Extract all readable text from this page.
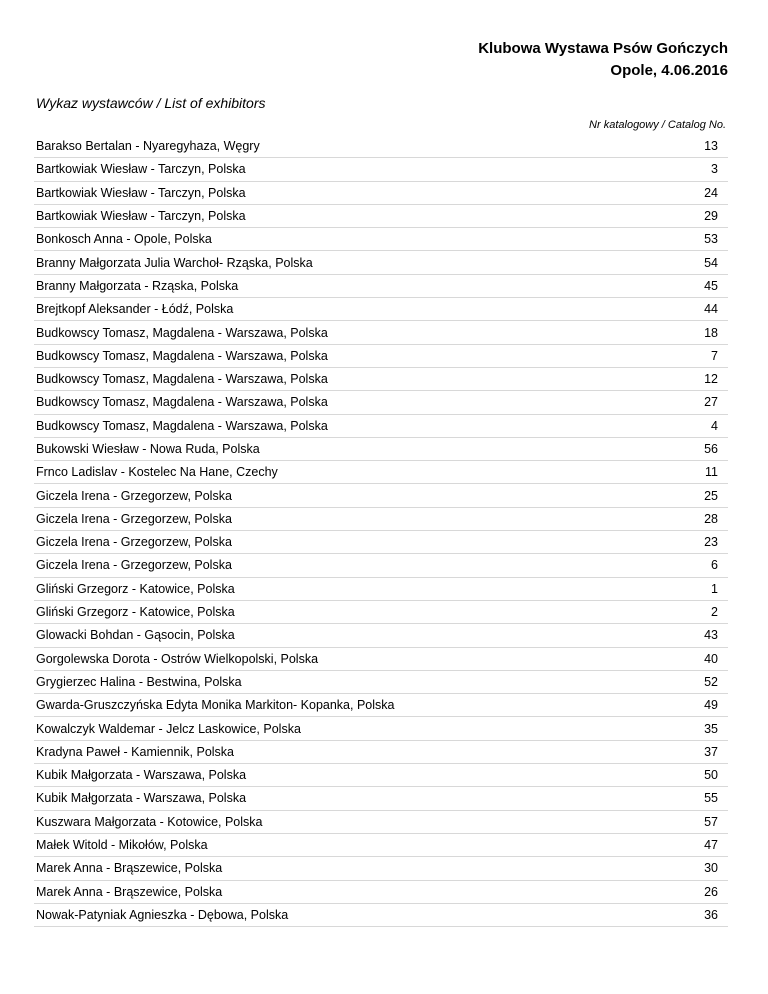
Klubowa Wystawa Psów Gończych
Opole, 4.06.2016
Wykaz wystawców / List of exhibitors
Nr katalogowy / Catalog No.
Barakso Bertalan - Nyaregyhaza, Węgry	13
Bartkowiak Wiesław - Tarczyn, Polska	3
Bartkowiak Wiesław - Tarczyn, Polska	24
Bartkowiak Wiesław - Tarczyn, Polska	29
Bonkosch Anna - Opole, Polska	53
Branny Małgorzata Julia Warchoł- Rząska, Polska	54
Branny Małgorzata - Rząska, Polska	45
Brejtkopf Aleksander - Łódź, Polska	44
Budkowscy Tomasz, Magdalena - Warszawa, Polska	18
Budkowscy Tomasz, Magdalena - Warszawa, Polska	7
Budkowscy Tomasz, Magdalena - Warszawa, Polska	12
Budkowscy Tomasz, Magdalena - Warszawa, Polska	27
Budkowscy Tomasz, Magdalena - Warszawa, Polska	4
Bukowski Wiesław - Nowa Ruda, Polska	56
Frnco Ladislav - Kostelec Na Hane, Czechy	11
Giczela Irena - Grzegorzew, Polska	25
Giczela Irena - Grzegorzew, Polska	28
Giczela Irena - Grzegorzew, Polska	23
Giczela Irena - Grzegorzew, Polska	6
Gliński Grzegorz - Katowice, Polska	1
Gliński Grzegorz - Katowice, Polska	2
Glowacki Bohdan - Gąsocin, Polska	43
Gorgolewska Dorota - Ostrów Wielkopolski, Polska	40
Grygierzec Halina - Bestwina, Polska	52
Gwarda-Gruszczyńska Edyta Monika Markiton- Kopanka, Polska	49
Kowalczyk Waldemar - Jelcz Laskowice, Polska	35
Kradyna Paweł - Kamiennik, Polska	37
Kubik Małgorzata - Warszawa, Polska	50
Kubik Małgorzata - Warszawa, Polska	55
Kuszwara Małgorzata - Kotowice, Polska	57
Małek Witold - Mikołów, Polska	47
Marek Anna - Brąszewice, Polska	30
Marek Anna - Brąszewice, Polska	26
Nowak-Patyniak Agnieszka - Dębowa, Polska	36
